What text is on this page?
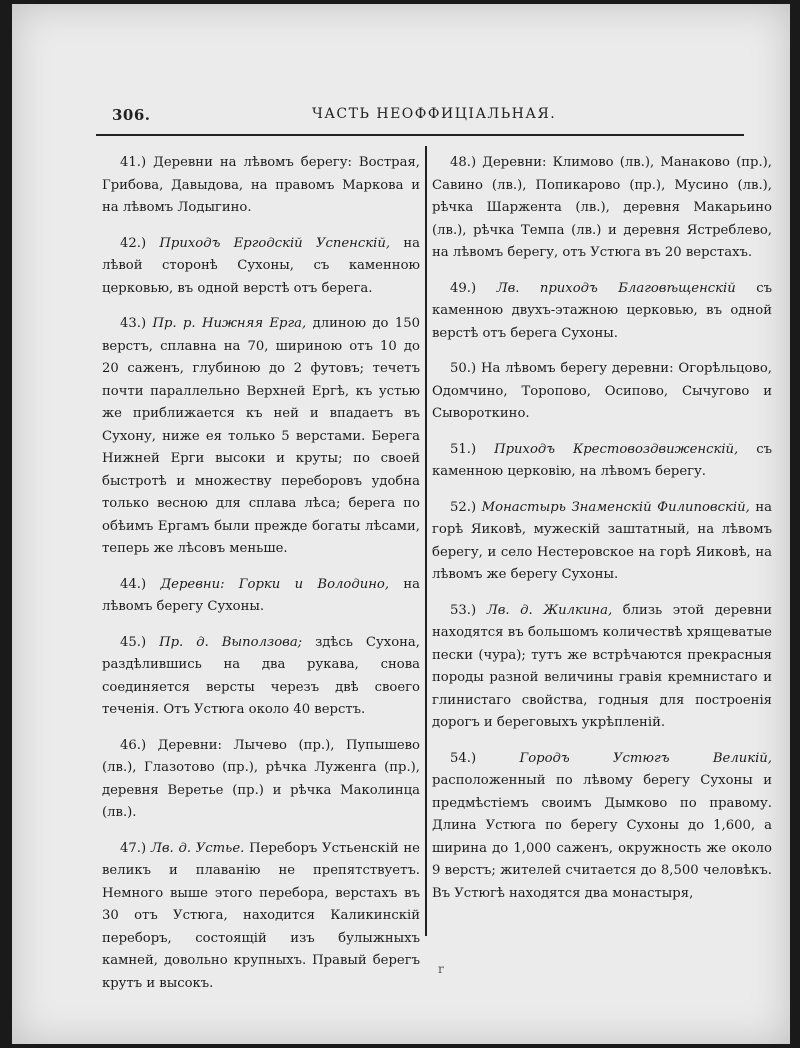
306.	ЧАСТЬ НЕОФФИЦІАЛЬНАЯ.

41.) Деревни на лѣвомъ берегу: Вострая, Грибова, Давыдова, на правомъ Маркова и на лѣвомъ Лодыгино.

42.) Приходъ Ергодскій Успенскій, на лѣвой сторонѣ Сухоны, съ каменною церковью, въ одной верстѣ отъ берега.

43.) Пр. р. Нижняя Ерга, длиною до 150 верстъ, сплавна на 70, шириною отъ 10 до 20 саженъ, глубиною до 2 футовъ; течетъ почти параллельно Верхней Ергѣ, къ устью же приближается къ ней и впадаетъ въ Сухону, ниже ея только 5 верстами. Берега Нижней Ерги высоки и круты; по своей быстротѣ и множеству переборовъ удобна только весною для сплава лѣса; берега по обѣимъ Ергамъ были прежде богаты лѣсами, теперь же лѣсовъ меньше.

44.) Деревни: Горки и Володино, на лѣвомъ берегу Сухоны.

45.) Пр. д. Выползова; здѣсь Сухона, раздѣлившись на два рукава, снова соединяется версты черезъ двѣ своего теченія. Отъ Устюга около 40 верстъ.

46.) Деревни: Лычево (пр.), Пупышево (лв.), Глазотово (пр.), рѣчка Луженга (пр.), деревня Веретье (пр.) и рѣчка Маколинца (лв.).

47.) Лв. д. Устье. Переборъ Устьенскій не великъ и плаванію не препятствуетъ. Немного выше этого перебора, верстахъ въ 30 отъ Устюга, находится Каликинскій переборъ, состоящій изъ булыжныхъ камней, довольно крупныхъ. Правый берегъ крутъ и высокъ.

48.) Деревни: Климово (лв.), Манаково (пр.), Савино (лв.), Попикарово (пр.), Мусино (лв.), рѣчка Шаржента (лв.), деревня Макарьино (лв.), рѣчка Темпа (лв.) и деревня Ястреблево, на лѣвомъ берегу, отъ Устюга въ 20 верстахъ.

49.) Лв. приходъ Благовѣщенскій съ каменною двухъ-этажною церковью, въ одной верстѣ отъ берега Сухоны.

50.) На лѣвомъ берегу деревни: Огорѣльцово, Одомчино, Торопово, Осипово, Сычугово и Сывороткино.

51.) Приходъ Крестовоздвиженскій, съ каменною церковію, на лѣвомъ берегу.

52.) Монастырь Знаменскій Филиповскій, на горѣ Яиковѣ, мужескій заштатный, на лѣвомъ берегу, и село Нестеровское на горѣ Яиковѣ, на лѣвомъ же берегу Сухоны.

53.) Лв. д. Жилкина, близь этой деревни находятся въ большомъ количествѣ хрящеватые пески (чура); тутъ же встрѣчаются прекрасныя породы разной величины гравія кремнистаго и глинистаго свойства, годныя для построенія дорогъ и береговыхъ укрѣпленій.

54.)	Городъ Устюгъ Великій, расположенный по лѣвому берегу Сухоны и предмѣстіемъ своимъ Дымково по правому. Длина Устюга по берегу Сухоны до 1,600, а ширина до 1,000 саженъ, окружность же около 9 верстъ; жителей считается до 8,500 человѣкъ. Въ Устюгѣ находятся два монастыря,

r
